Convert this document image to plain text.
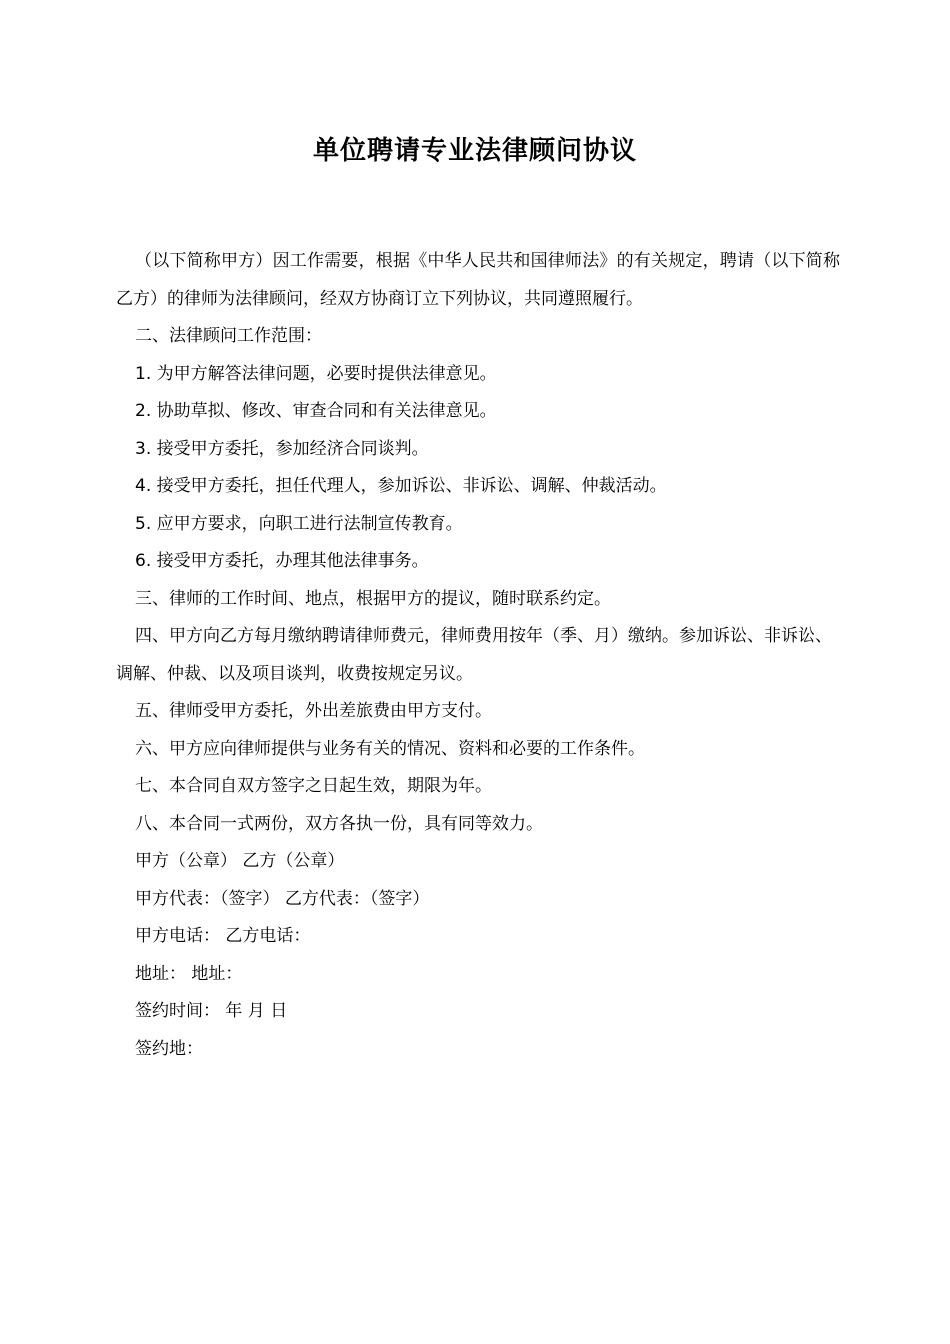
单位聘请专业法律顾问协议

（以下简称甲方）因工作需要，根据《中华人民共和国律师法》的有关规定，聘请（以下简称乙方）的律师为法律顾问，经双方协商订立下列协议，共同遵照履行。

二、法律顾问工作范围：

1. 为甲方解答法律问题，必要时提供法律意见。

2. 协助草拟、修改、审查合同和有关法律意见。

3. 接受甲方委托，参加经济合同谈判。

4. 接受甲方委托，担任代理人，参加诉讼、非诉讼、调解、仲裁活动。

5. 应甲方要求，向职工进行法制宣传教育。

6. 接受甲方委托，办理其他法律事务。

三、律师的工作时间、地点，根据甲方的提议，随时联系约定。

四、甲方向乙方每月缴纳聘请律师费元，律师费用按年（季、月）缴纳。参加诉讼、非诉讼、调解、仲裁、以及项目谈判，收费按规定另议。

五、律师受甲方委托，外出差旅费由甲方支付。

六、甲方应向律师提供与业务有关的情况、资料和必要的工作条件。

七、本合同自双方签字之日起生效，期限为年。

八、本合同一式两份，双方各执一份，具有同等效力。

甲方（公章） 乙方（公章）

甲方代表：（签字） 乙方代表：（签字）

甲方电话： 乙方电话：

地址： 地址：

签约时间： 年 月 日

签约地：
